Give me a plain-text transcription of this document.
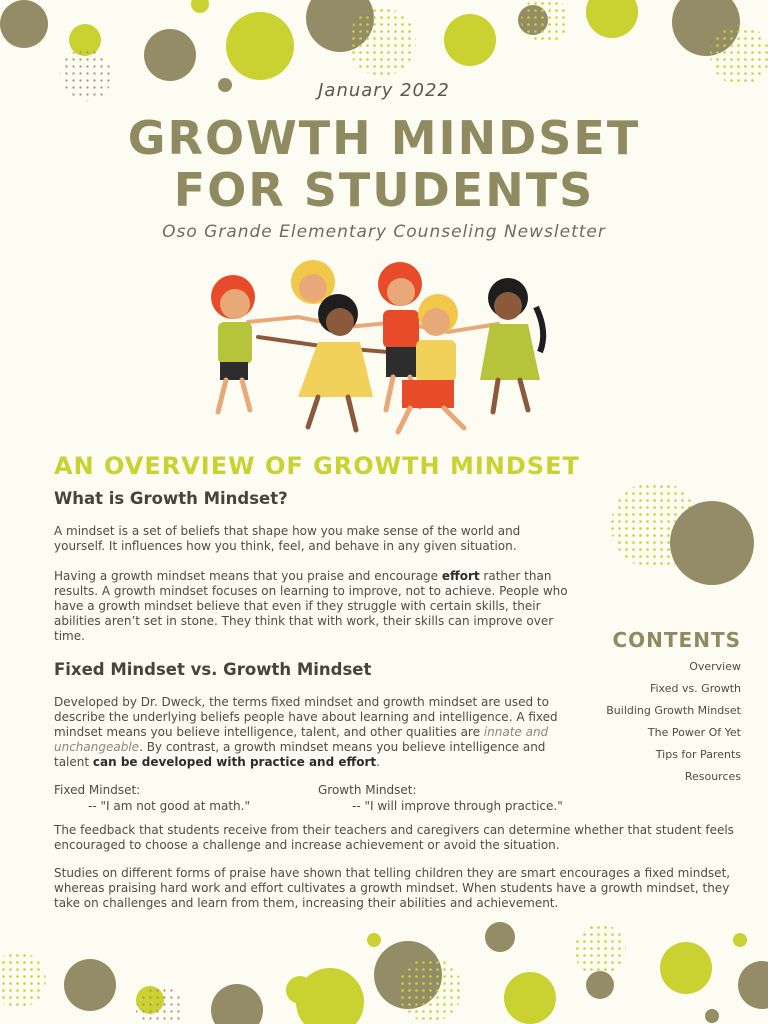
January 2022
GROWTH MINDSET
FOR STUDENTS
Oso Grande Elementary Counseling Newsletter
AN OVERVIEW OF GROWTH MINDSET
What is Growth Mindset?

A mindset is a set of beliefs that shape how you make sense of the world and yourself. It influences how you think, feel, and behave in any given situation.

Having a growth mindset means that you praise and encourage effort rather than results. A growth mindset focuses on learning to improve, not to achieve. People who have a growth mindset believe that even if they struggle with certain skills, their abilities aren’t set in stone. They think that with work, their skills can improve over time.

Fixed Mindset vs. Growth Mindset

Developed by Dr. Dweck, the terms fixed mindset and growth mindset are used to describe the underlying beliefs people have about learning and intelligence. A fixed mindset means you believe intelligence, talent, and other qualities are innate and unchangeable. By contrast, a growth mindset means you believe intelligence and talent can be developed with practice and effort.

Fixed Mindset:
-- "I am not good at math."
Growth Mindset:
-- "I will improve through practice."

The feedback that students receive from their teachers and caregivers can determine whether that student feels encouraged to choose a challenge and increase achievement or avoid the situation.

Studies on different forms of praise have shown that telling children they are smart encourages a fixed mindset, whereas praising hard work and effort cultivates a growth mindset. When students have a growth mindset, they take on challenges and learn from them, increasing their abilities and achievement.

CONTENTS
Overview
Fixed vs. Growth
Building Growth Mindset
The Power Of Yet
Tips for Parents
Resources
